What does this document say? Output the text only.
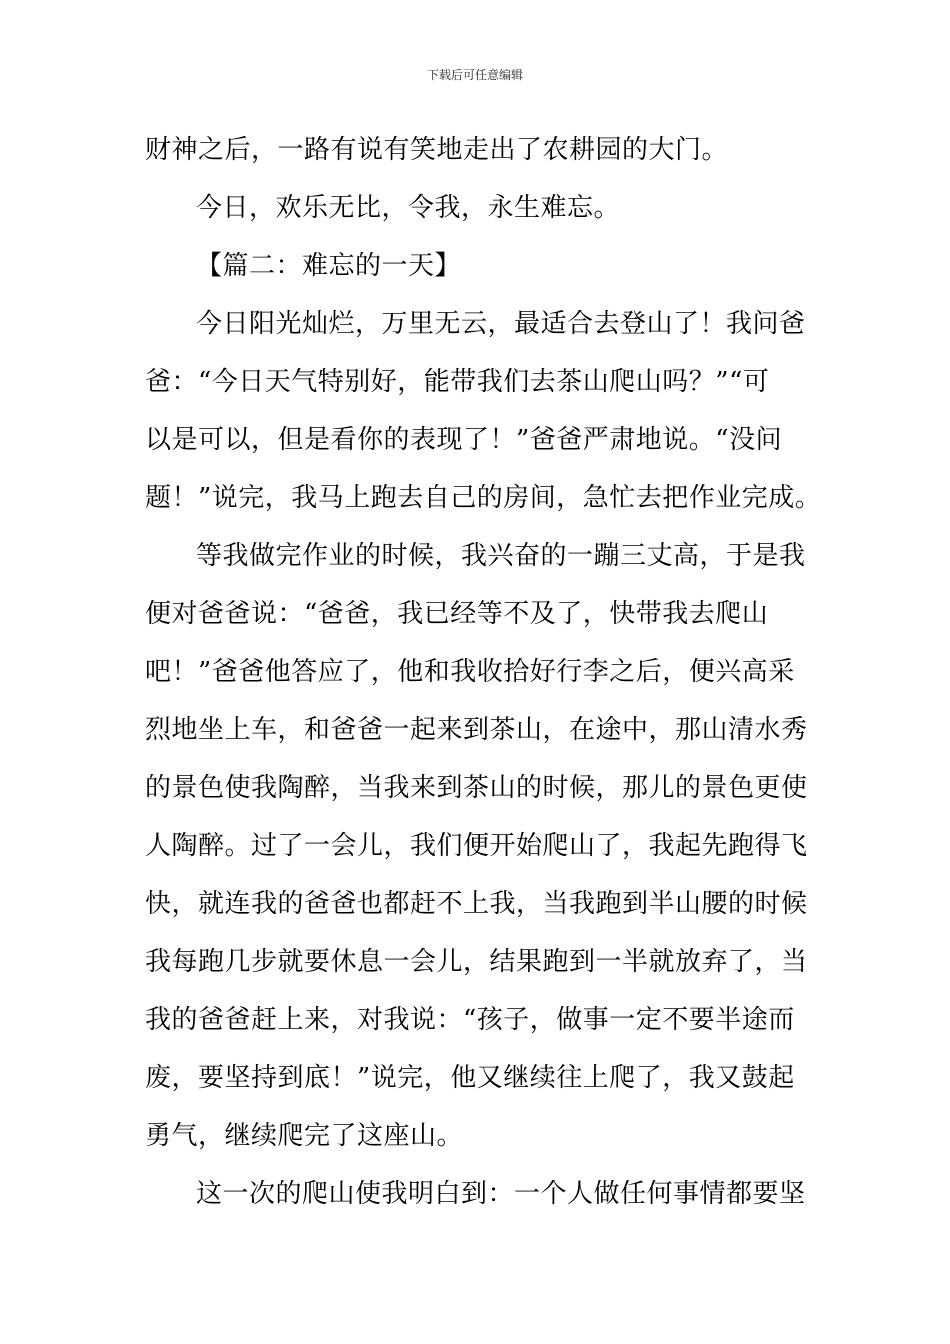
下载后可任意编辑
财神之后，一路有说有笑地走出了农耕园的大门。
今日，欢乐无比，令我，永生难忘。
【篇二：难忘的一天】
今日阳光灿烂，万里无云，最适合去登山了！我问爸
爸：“今日天气特别好，能带我们去茶山爬山吗？”“可
以是可以，但是看你的表现了！”爸爸严肃地说。“没问
题！”说完，我马上跑去自己的房间，急忙去把作业完成。
等我做完作业的时候，我兴奋的一蹦三丈高，于是我
便对爸爸说：“爸爸，我已经等不及了，快带我去爬山
吧！”爸爸他答应了，他和我收拾好行李之后，便兴高采
烈地坐上车，和爸爸一起来到茶山，在途中，那山清水秀
的景色使我陶醉，当我来到茶山的时候，那儿的景色更使
人陶醉。过了一会儿，我们便开始爬山了，我起先跑得飞
快，就连我的爸爸也都赶不上我，当我跑到半山腰的时候
我每跑几步就要休息一会儿，结果跑到一半就放弃了，当
我的爸爸赶上来，对我说：“孩子，做事一定不要半途而
废，要坚持到底！”说完，他又继续往上爬了，我又鼓起
勇气，继续爬完了这座山。
这一次的爬山使我明白到：一个人做任何事情都要坚
